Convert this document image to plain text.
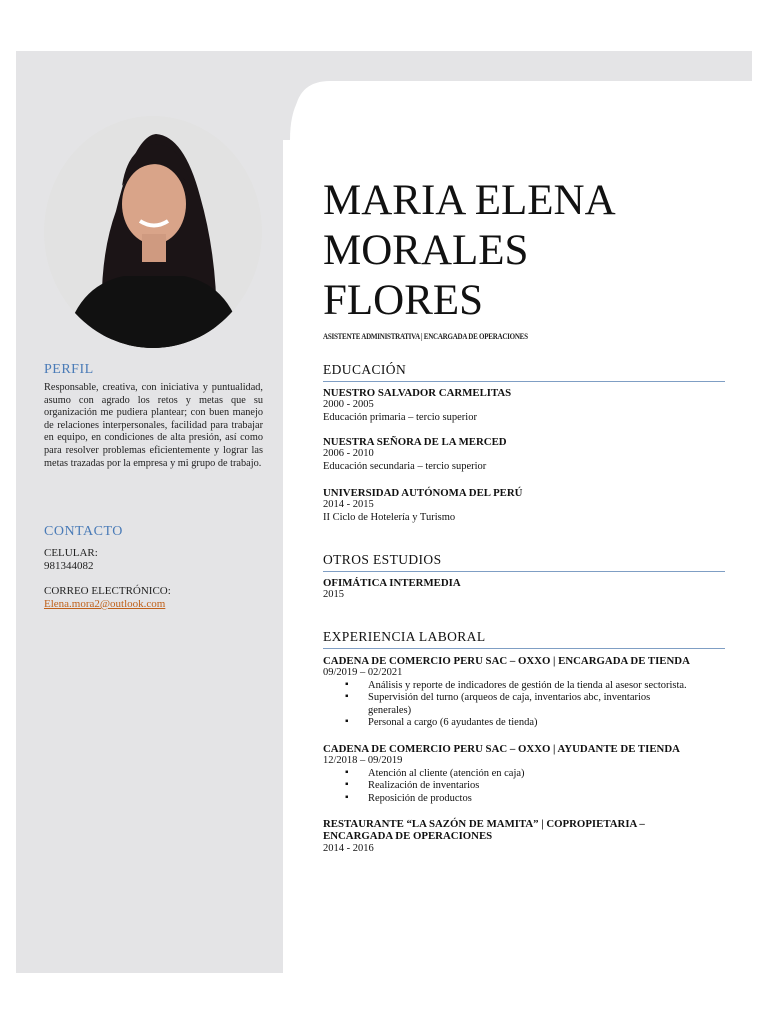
PERFIL
Responsable, creativa, con iniciativa y puntualidad, asumo con agrado los retos y metas que su organización me pudiera plantear; con buen manejo de relaciones interpersonales, facilidad para trabajar en equipo, en condiciones de alta presión, así como para resolver problemas eficientemente y lograr las metas trazadas por la empresa y mi grupo de trabajo.
CONTACTO
CELULAR:
981344082
CORREO ELECTRÓNICO:
Elena.mora2@outlook.com
MARIA ELENA
MORALES
FLORES
ASISTENTE ADMINISTRATIVA | ENCARGADA DE OPERACIONES
EDUCACIÓN
NUESTRO SALVADOR CARMELITAS
2000 - 2005
Educación primaria – tercio superior
NUESTRA SEÑORA DE LA MERCED
2006 - 2010
Educación secundaria – tercio superior
UNIVERSIDAD AUTÓNOMA DEL PERÚ
2014 - 2015
II Ciclo de Hotelería y Turismo
OTROS ESTUDIOS
OFIMÁTICA INTERMEDIA
2015
EXPERIENCIA LABORAL
CADENA DE COMERCIO PERU SAC – OXXO | ENCARGADA DE TIENDA
09/2019 – 02/2021
▪ Análisis y reporte de indicadores de gestión de la tienda al asesor sectorista.
▪ Supervisión del turno (arqueos de caja, inventarios abc, inventarios generales)
▪ Personal a cargo (6 ayudantes de tienda)
CADENA DE COMERCIO PERU SAC – OXXO | AYUDANTE DE TIENDA
12/2018 – 09/2019
▪ Atención al cliente (atención en caja)
▪ Realización de inventarios
▪ Reposición de productos
RESTAURANTE “LA SAZÓN DE MAMITA” | COPROPIETARIA – ENCARGADA DE OPERACIONES
2014 - 2016
